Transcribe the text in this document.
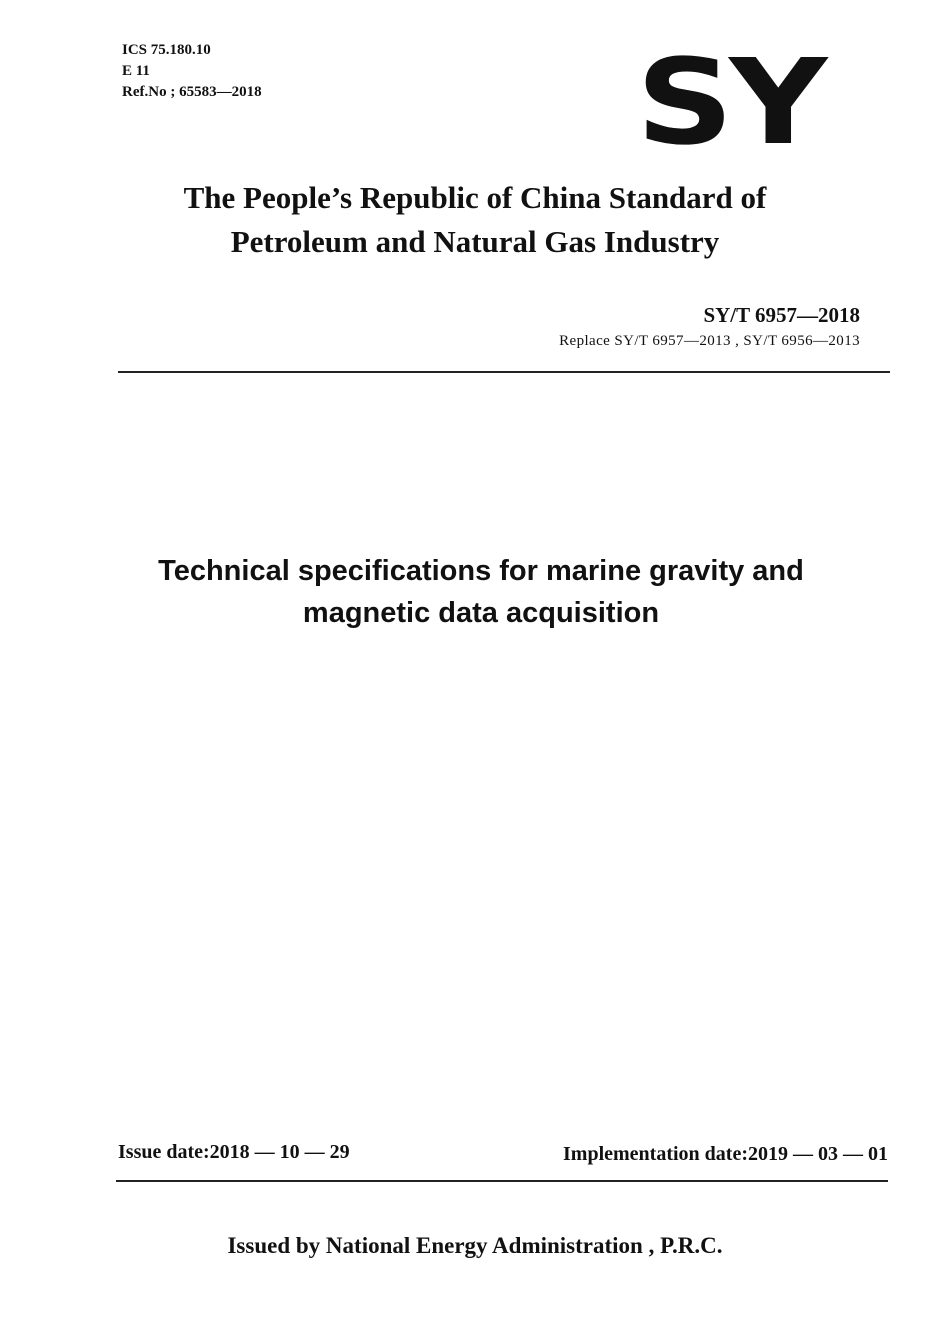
ICS 75.180.10
E 11
Ref.No ; 65583—2018	SY
The People’s Republic of China Standard of
Petroleum and Natural Gas Industry
SY/T 6957—2018
Replace SY/T 6957—2013 , SY/T 6956—2013
Technical specifications for marine gravity and
magnetic data acquisition
Issue date:2018 — 10 — 29	Implementation date:2019 — 03 — 01
Issued by National Energy Administration , P.R.C.
